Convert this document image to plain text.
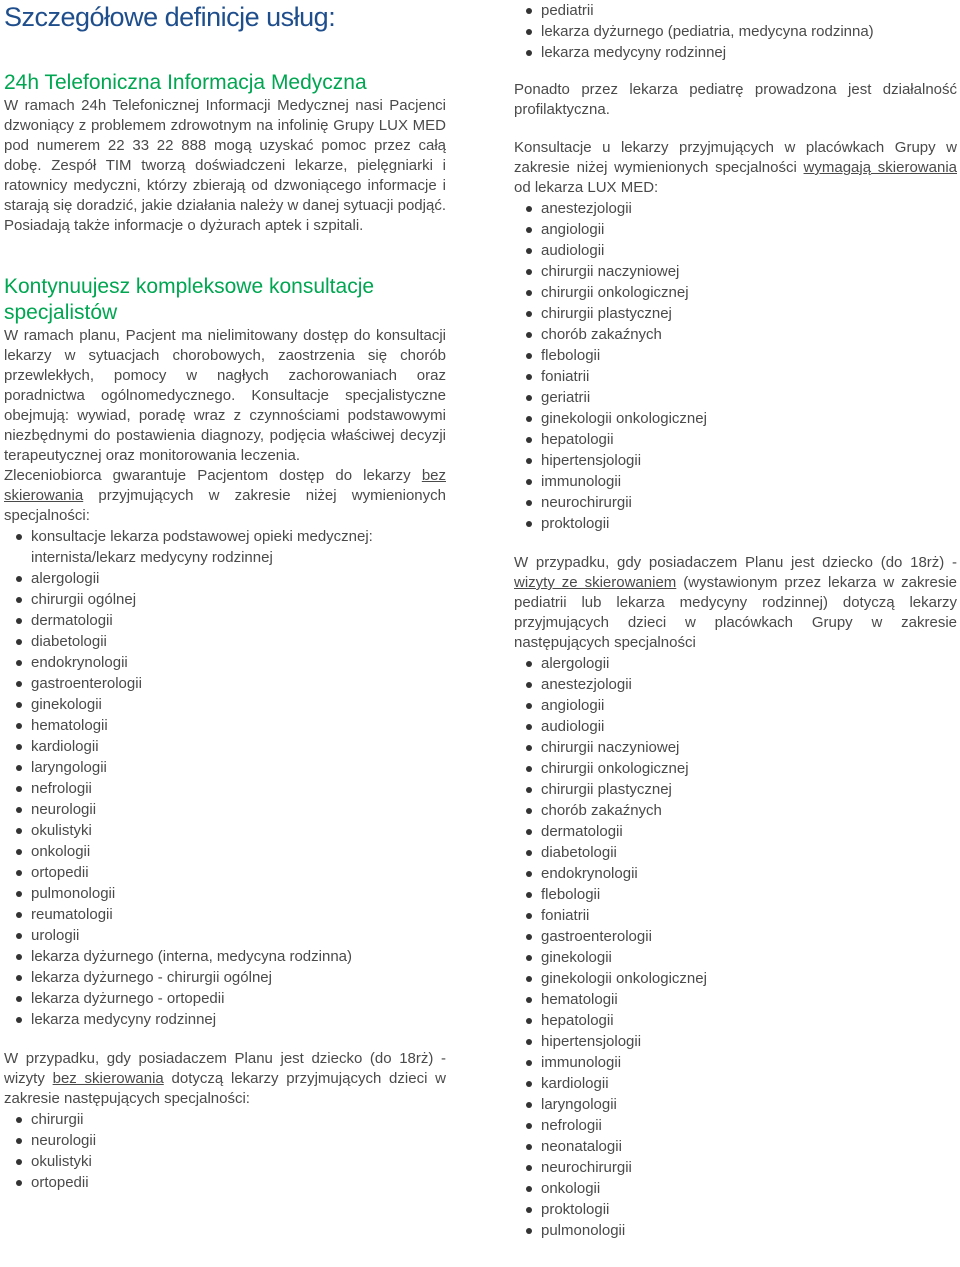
Szczegółowe definicje usług:
24h Telefoniczna Informacja Medyczna

W ramach 24h Telefonicznej Informacji Medycznej nasi Pacjenci dzwoniący z problemem zdrowotnym na infolinię Grupy LUX MED pod numerem 22 33 22 888 mogą uzyskać pomoc przez całą dobę. Zespół TIM tworzą doświadczeni lekarze, pielęgniarki i ratownicy medyczni, którzy zbierają od dzwoniącego informacje i starają się doradzić, jakie działania należy w danej sytuacji podjąć. Posiadają także informacje o dyżurach aptek i szpitali.

Kontynuujesz kompleksowe konsultacje specjalistów

W ramach planu, Pacjent ma nielimitowany dostęp do konsultacji lekarzy w sytuacjach chorobowych, zaostrzenia się chorób przewlekłych, pomocy w nagłych zachorowaniach oraz poradnictwa ogólnomedycznego. Konsultacje specjalistyczne obejmują: wywiad, poradę wraz z czynnościami podstawowymi niezbędnymi do postawienia diagnozy, podjęcia właściwej decyzji terapeutycznej oraz monitorowania leczenia.

Zleceniobiorca gwarantuje Pacjentom dostęp do lekarzy bez skierowania przyjmujących w zakresie niżej wymienionych specjalności:

konsultacje lekarza podstawowej opieki medycznej: internista/lekarz medycyny rodzinnej
alergologii
chirurgii ogólnej
dermatologii
diabetologii
endokrynologii
gastroenterologii
ginekologii
hematologii
kardiologii
laryngologii
nefrologii
neurologii
okulistyki
onkologii
ortopedii
pulmonologii
reumatologii
urologii
lekarza dyżurnego (interna, medycyna rodzinna)
lekarza dyżurnego - chirurgii ogólnej
lekarza dyżurnego - ortopedii
lekarza medycyny rodzinnej

W przypadku, gdy posiadaczem Planu jest dziecko (do 18rż) - wizyty bez skierowania dotyczą lekarzy przyjmujących dzieci w zakresie następujących specjalności:

chirurgii
neurologii
okulistyki
ortopedii
pediatrii
lekarza dyżurnego (pediatria, medycyna rodzinna)
lekarza medycyny rodzinnej

Ponadto przez lekarza pediatrę prowadzona jest działalność profilaktyczna.

Konsultacje u lekarzy przyjmujących w placówkach Grupy w zakresie niżej wymienionych specjalności wymagają skierowania od lekarza LUX MED:

anestezjologii
angiologii
audiologii
chirurgii naczyniowej
chirurgii onkologicznej
chirurgii plastycznej
chorób zakaźnych
flebologii
foniatrii
geriatrii
ginekologii onkologicznej
hepatologii
hipertensjologii
immunologii
neurochirurgii
proktologii

W przypadku, gdy posiadaczem Planu jest dziecko (do 18rż) - wizyty ze skierowaniem (wystawionym przez lekarza w zakresie pediatrii lub lekarza medycyny rodzinnej) dotyczą lekarzy przyjmujących dzieci w placówkach Grupy w zakresie następujących specjalności

alergologii
anestezjologii
angiologii
audiologii
chirurgii naczyniowej
chirurgii onkologicznej
chirurgii plastycznej
chorób zakaźnych
dermatologii
diabetologii
endokrynologii
flebologii
foniatrii
gastroenterologii
ginekologii
ginekologii onkologicznej
hematologii
hepatologii
hipertensjologii
immunologii
kardiologii
laryngologii
nefrologii
neonatalogii
neurochirurgii
onkologii
proktologii
pulmonologii
